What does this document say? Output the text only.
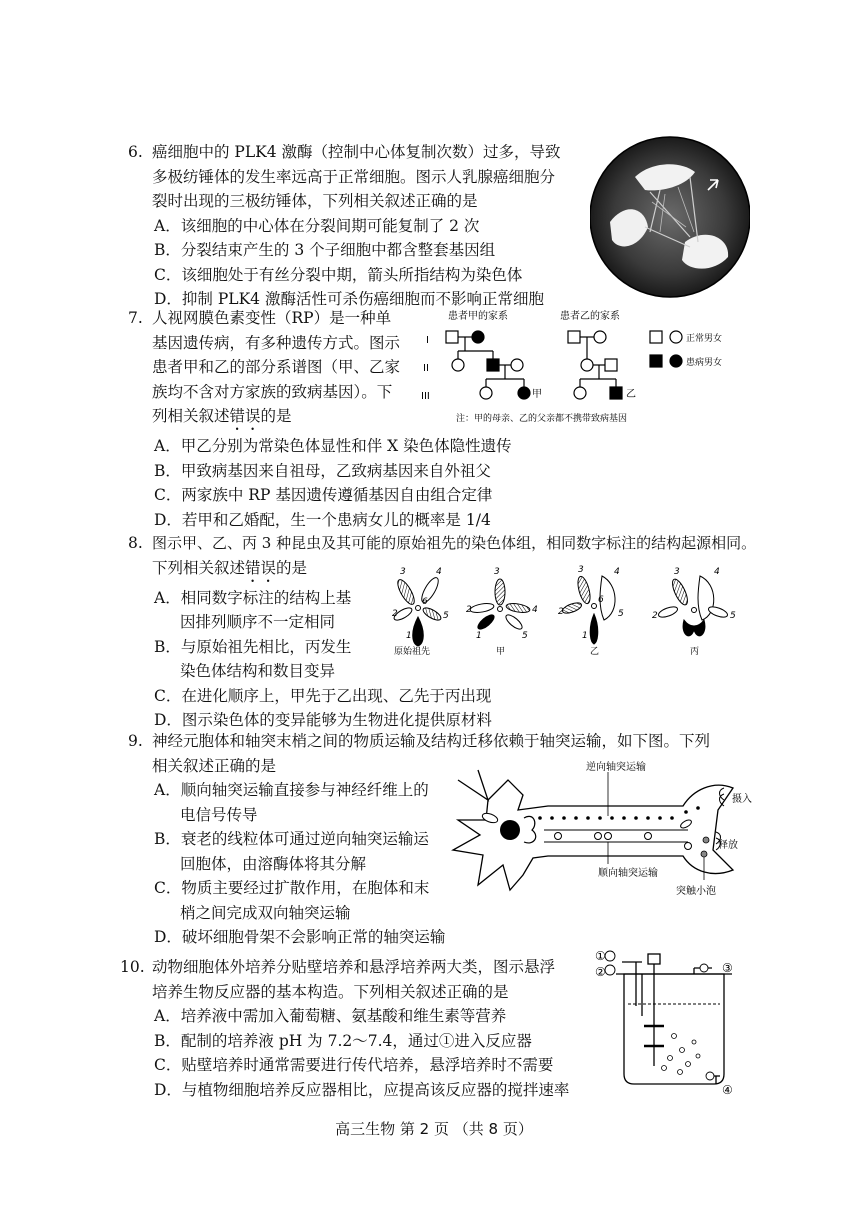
6. 癌细胞中的 PLK4 激酶（控制中心体复制次数）过多，导致
多极纺锤体的发生率远高于正常细胞。图示人乳腺癌细胞分
裂时出现的三极纺锤体，下列相关叙述正确的是
A．该细胞的中心体在分裂间期可能复制了 2 次
B．分裂结束产生的 3 个子细胞中都含整套基因组
C．该细胞处于有丝分裂中期，箭头所指结构为染色体
D．抑制 PLK4 激酶活性可杀伤癌细胞而不影响正常细胞
7. 人视网膜色素变性（RP）是一种单
基因遗传病，有多种遗传方式。图示
患者甲和乙的部分系谱图（甲、乙家
族均不含对方家族的致病基因）。下
列相关叙述错误的是
A．甲乙分别为常染色体显性和伴 X 染色体隐性遗传
B．甲致病基因来自祖母，乙致病基因来自外祖父
C．两家族中 RP 基因遗传遵循基因自由组合定律
D．若甲和乙婚配，生一个患病女儿的概率是 1/4
患者甲的家系	患者乙的家系
I
II
III	甲	乙
正常男女
患病男女
注：甲的母亲、乙的父亲都不携带致病基因
8. 图示甲、乙、丙 3 种昆虫及其可能的原始祖先的染色体组，相同数字标注的结构起源相同。
下列相关叙述错误的是
A．相同数字标注的结构上基
因排列顺序不一定相同
B．与原始祖先相比，丙发生
染色体结构和数目变异
C．在进化顺序上，甲先于乙出现、乙先于丙出现
D．图示染色体的变异能够为生物进化提供原材料
3	4
2	5
6
1
原始祖先
3
2	4
1	5
甲
3	4
2	5
6
1
乙
3	4
2	5
丙
9. 神经元胞体和轴突末梢之间的物质运输及结构迁移依赖于轴突运输，如下图。下列
相关叙述正确的是
A．顺向轴突运输直接参与神经纤维上的
电信号传导
B．衰老的线粒体可通过逆向轴突运输运
回胞体，由溶酶体将其分解
C．物质主要经过扩散作用，在胞体和末
梢之间完成双向轴突运输
D．破坏细胞骨架不会影响正常的轴突运输
逆向轴突运输
顺向轴突运输
摄入
释放
突触小泡
10. 动物细胞体外培养分贴壁培养和悬浮培养两大类，图示悬浮
培养生物反应器的基本构造。下列相关叙述正确的是
A．培养液中需加入葡萄糖、氨基酸和维生素等营养
B．配制的培养液 pH 为 7.2～7.4，通过①进入反应器
C．贴壁培养时通常需要进行传代培养，悬浮培养时不需要
D．与植物细胞培养反应器相比，应提高该反应器的搅拌速率
①
②	③
④
高三生物 第 2 页 （共 8 页）
